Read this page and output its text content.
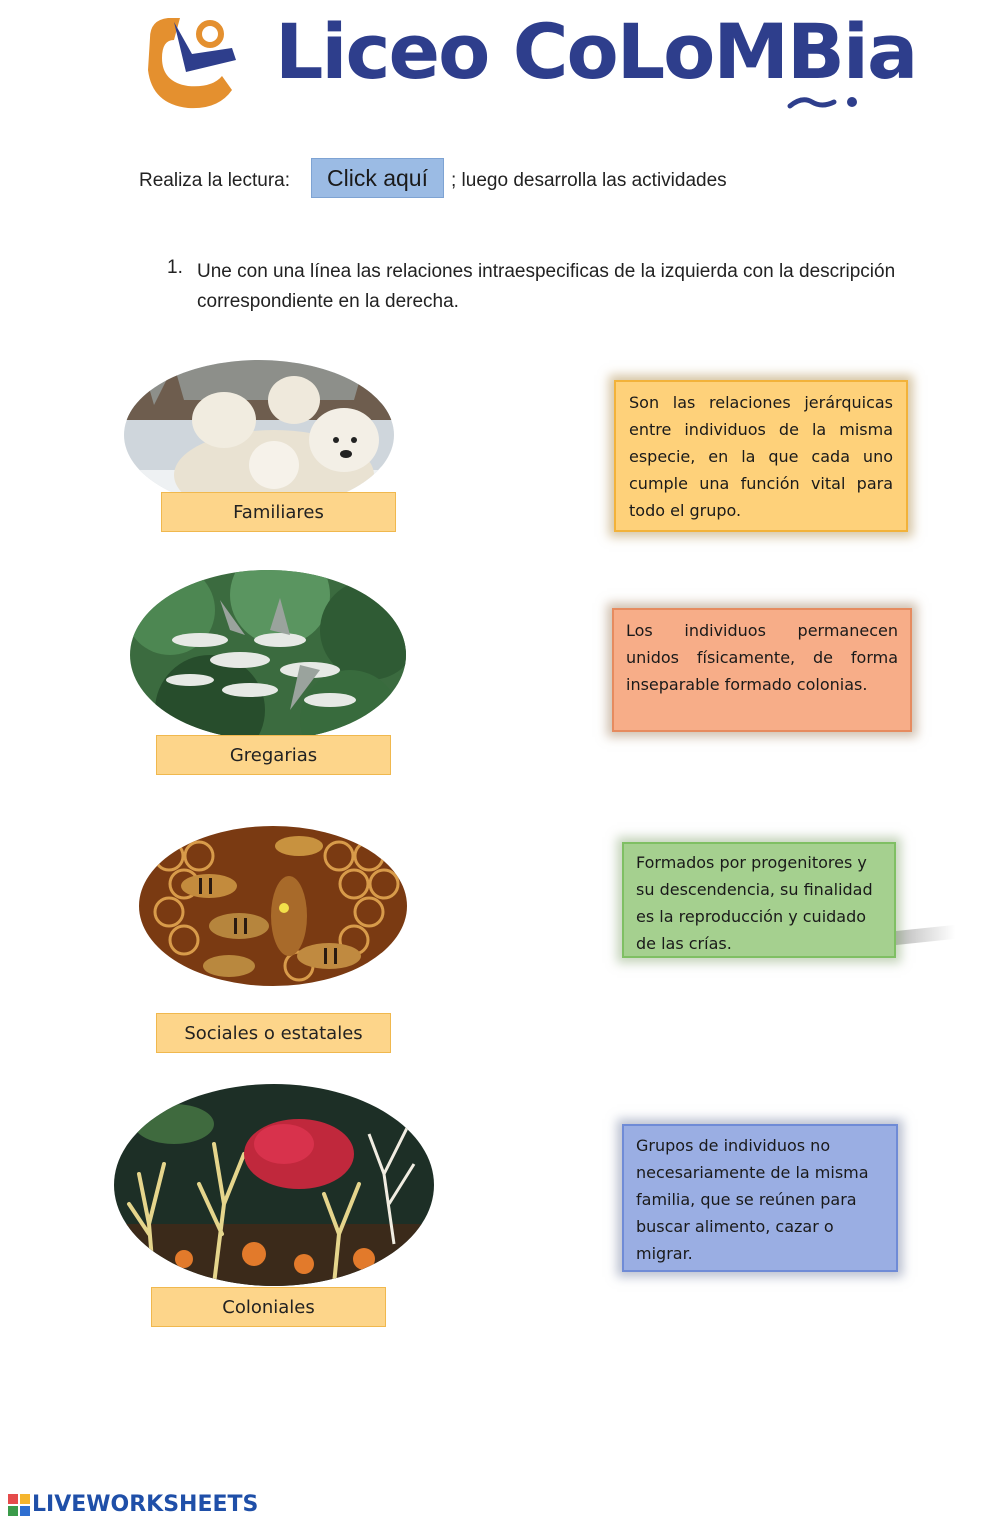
Liceo CoLoMBia
Realiza la lectura:	Click aquí	; luego desarrolla las actividades
1. Une con una línea las relaciones intraespecificas de la izquierda con la descripción correspondiente en la derecha.
Familiares
Gregarias
Sociales o estatales
Coloniales
Son las relaciones jerárquicas entre individuos de la misma especie, en la que cada uno cumple una función vital para todo el grupo.
Los individuos permanecen unidos físicamente, de forma inseparable formado colonias.
Formados por progenitores y su descendencia, su finalidad es la reproducción y cuidado de las crías.
Grupos de individuos no necesariamente de la misma familia, que se reúnen para buscar alimento, cazar o migrar.
LIVEWORKSHEETS
